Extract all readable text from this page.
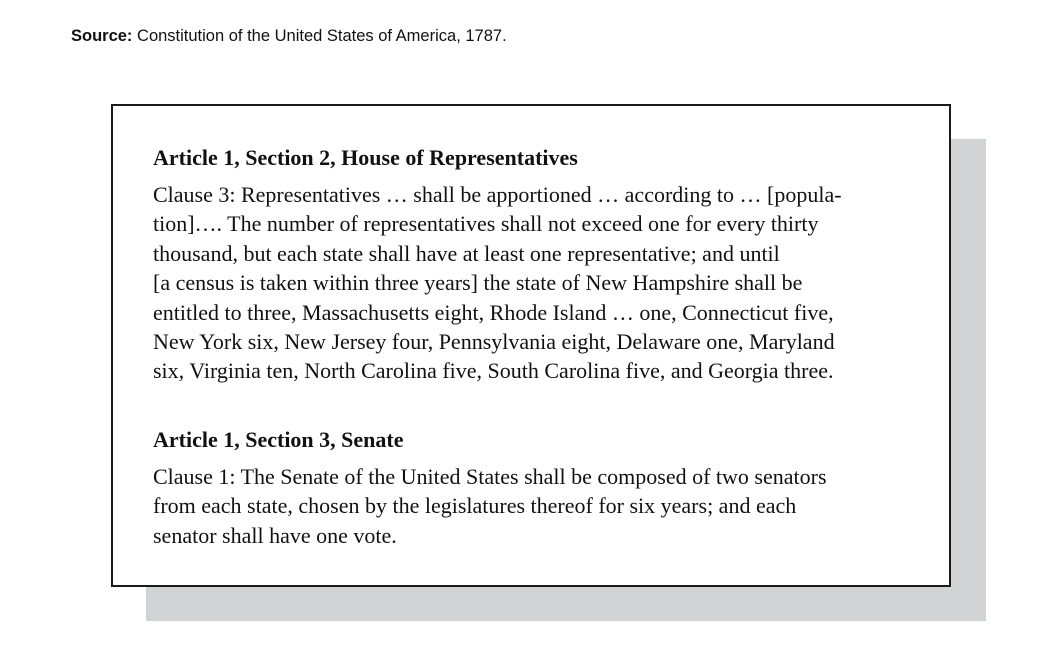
Source: Constitution of the United States of America, 1787.
Article 1, Section 2, House of Representatives

Clause 3: Representatives … shall be apportioned … according to … [popula-

tion]…. The number of representatives shall not exceed one for every thirty

thousand, but each state shall have at least one representative; and until

[a census is taken within three years] the state of New Hampshire shall be

entitled to three, Massachusetts eight, Rhode Island … one, Connecticut five,

New York six, New Jersey four, Pennsylvania eight, Delaware one, Maryland

six, Virginia ten, North Carolina five, South Carolina five, and Georgia three.

Article 1, Section 3, Senate

Clause 1: The Senate of the United States shall be composed of two senators

from each state, chosen by the legislatures thereof for six years; and each

senator shall have one vote.
